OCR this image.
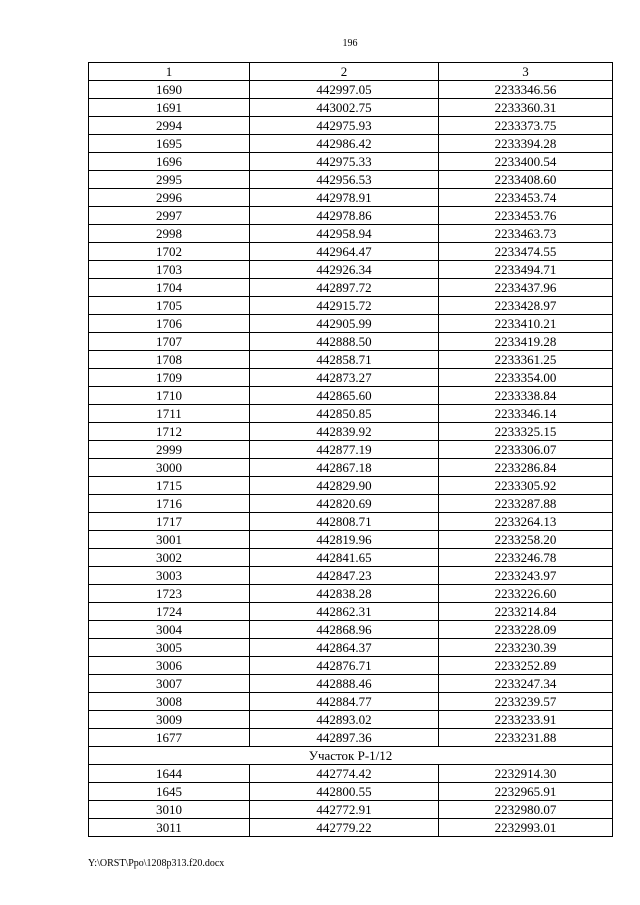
196
1	2	3
1690	442997.05	2233346.56
1691	443002.75	2233360.31
2994	442975.93	2233373.75
1695	442986.42	2233394.28
1696	442975.33	2233400.54
2995	442956.53	2233408.60
2996	442978.91	2233453.74
2997	442978.86	2233453.76
2998	442958.94	2233463.73
1702	442964.47	2233474.55
1703	442926.34	2233494.71
1704	442897.72	2233437.96
1705	442915.72	2233428.97
1706	442905.99	2233410.21
1707	442888.50	2233419.28
1708	442858.71	2233361.25
1709	442873.27	2233354.00
1710	442865.60	2233338.84
1711	442850.85	2233346.14
1712	442839.92	2233325.15
2999	442877.19	2233306.07
3000	442867.18	2233286.84
1715	442829.90	2233305.92
1716	442820.69	2233287.88
1717	442808.71	2233264.13
3001	442819.96	2233258.20
3002	442841.65	2233246.78
3003	442847.23	2233243.97
1723	442838.28	2233226.60
1724	442862.31	2233214.84
3004	442868.96	2233228.09
3005	442864.37	2233230.39
3006	442876.71	2233252.89
3007	442888.46	2233247.34
3008	442884.77	2233239.57
3009	442893.02	2233233.91
1677	442897.36	2233231.88
Участок Р-1/12		
1644	442774.42	2232914.30
1645	442800.55	2232965.91
3010	442772.91	2232980.07
3011	442779.22	2232993.01
Y:\ORST\Ppo\1208p313.f20.docx
